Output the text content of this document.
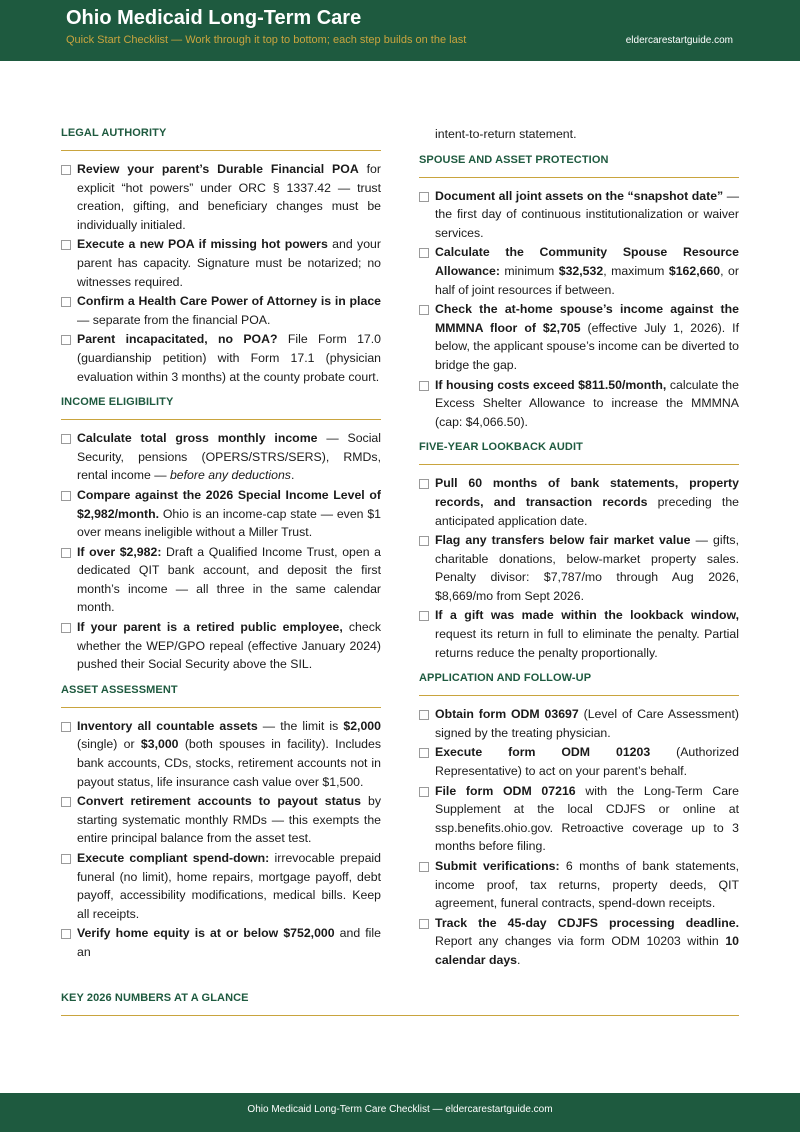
Ohio Medicaid Long-Term Care
Quick Start Checklist — Work through it top to bottom; each step builds on the last	eldercarestartguide.com
LEGAL AUTHORITY
Review your parent’s Durable Financial POA for explicit “hot powers” under ORC § 1337.42 — trust creation, gifting, and beneficiary changes must be individually initialed.
Execute a new POA if missing hot powers and your parent has capacity. Signature must be notarized; no witnesses required.
Confirm a Health Care Power of Attorney is in place — separate from the financial POA.
Parent incapacitated, no POA? File Form 17.0 (guardianship petition) with Form 17.1 (physician evaluation within 3 months) at the county probate court.
INCOME ELIGIBILITY
Calculate total gross monthly income — Social Security, pensions (OPERS/STRS/SERS), RMDs, rental income — before any deductions.
Compare against the 2026 Special Income Level of $2,982/month. Ohio is an income-cap state — even $1 over means ineligible without a Miller Trust.
If over $2,982: Draft a Qualified Income Trust, open a dedicated QIT bank account, and deposit the first month’s income — all three in the same calendar month.
If your parent is a retired public employee, check whether the WEP/GPO repeal (effective January 2024) pushed their Social Security above the SIL.
ASSET ASSESSMENT
Inventory all countable assets — the limit is $2,000 (single) or $3,000 (both spouses in facility). Includes bank accounts, CDs, stocks, retirement accounts not in payout status, life insurance cash value over $1,500.
Convert retirement accounts to payout status by starting systematic monthly RMDs — this exempts the entire principal balance from the asset test.
Execute compliant spend-down: irrevocable prepaid funeral (no limit), home repairs, mortgage payoff, debt payoff, accessibility modifications, medical bills. Keep all receipts.
Verify home equity is at or below $752,000 and file an
intent-to-return statement.
SPOUSE AND ASSET PROTECTION
Document all joint assets on the “snapshot date” — the first day of continuous institutionalization or waiver services.
Calculate the Community Spouse Resource Allowance: minimum $32,532, maximum $162,660, or half of joint resources if between.
Check the at-home spouse’s income against the MMMNA floor of $2,705 (effective July 1, 2026). If below, the applicant spouse’s income can be diverted to bridge the gap.
If housing costs exceed $811.50/month, calculate the Excess Shelter Allowance to increase the MMMNA (cap: $4,066.50).
FIVE-YEAR LOOKBACK AUDIT
Pull 60 months of bank statements, property records, and transaction records preceding the anticipated application date.
Flag any transfers below fair market value — gifts, charitable donations, below-market property sales. Penalty divisor: $7,787/mo through Aug 2026, $8,669/mo from Sept 2026.
If a gift was made within the lookback window, request its return in full to eliminate the penalty. Partial returns reduce the penalty proportionally.
APPLICATION AND FOLLOW-UP
Obtain form ODM 03697 (Level of Care Assessment) signed by the treating physician.
Execute form ODM 01203 (Authorized Representative) to act on your parent’s behalf.
File form ODM 07216 with the Long-Term Care Supplement at the local CDJFS or online at ssp.benefits.ohio.gov. Retroactive coverage up to 3 months before filing.
Submit verifications: 6 months of bank statements, income proof, tax returns, property deeds, QIT agreement, funeral contracts, spend-down receipts.
Track the 45-day CDJFS processing deadline. Report any changes via form ODM 10203 within 10 calendar days.
KEY 2026 NUMBERS AT A GLANCE
Ohio Medicaid Long-Term Care Checklist — eldercarestartguide.com
